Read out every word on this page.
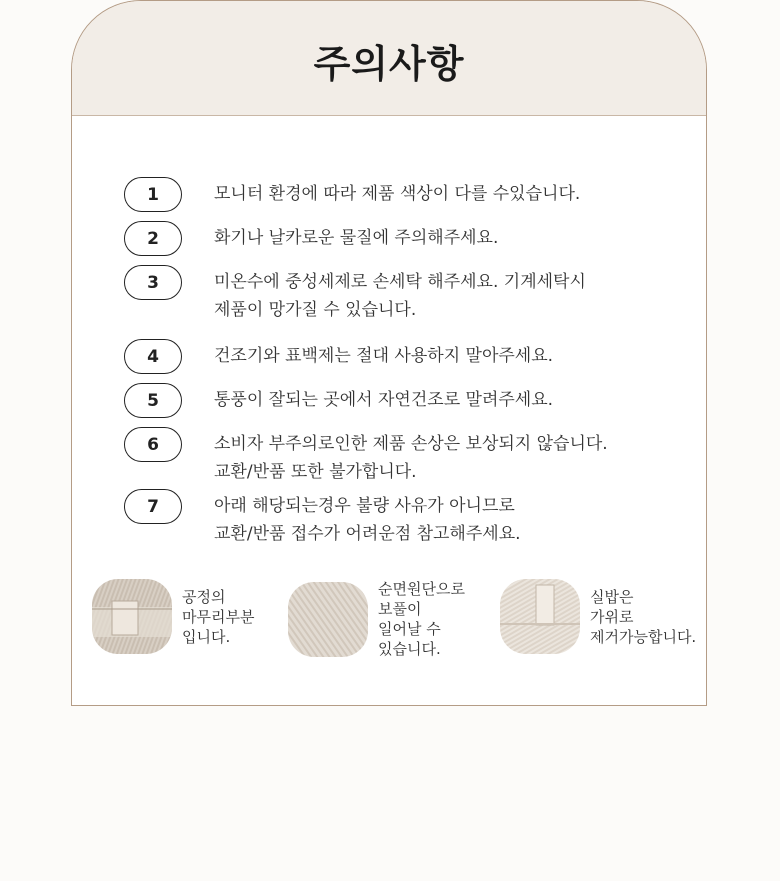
주의사항
1	모니터 환경에 따라 제품 색상이 다를 수있습니다.
2	화기나 날카로운 물질에 주의해주세요.
3	미온수에 중성세제로 손세탁 해주세요. 기계세탁시
제품이 망가질 수 있습니다.
4	건조기와 표백제는 절대 사용하지 말아주세요.
5	통풍이 잘되는 곳에서 자연건조로 말려주세요.
6	소비자 부주의로인한 제품 손상은 보상되지 않습니다.
교환/반품 또한 불가합니다.
7	아래 해당되는경우 불량 사유가 아니므로
교환/반품 접수가 어려운점 참고해주세요.
공정의
마무리부분
입니다.
순면원단으로
보풀이
일어날 수
있습니다.
실밥은
가위로
제거가능합니다.
